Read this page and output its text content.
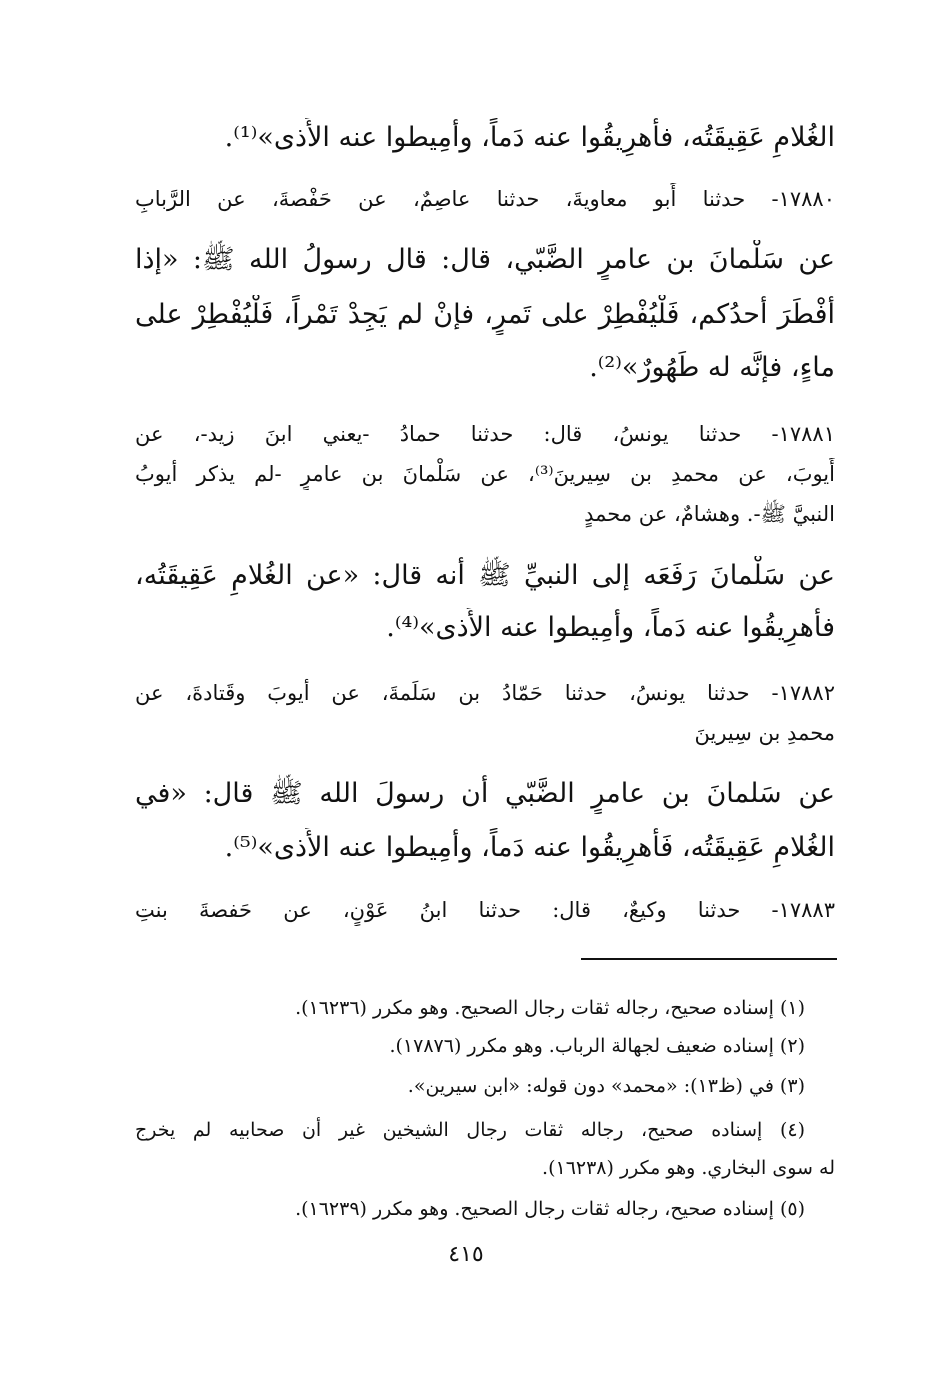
الغُلامِ عَقِيقَتُه، فأَهرِيقُوا عنه دَماً، وأَمِيطوا عنه الأَذى»⁽¹⁾.
١٧٨٨٠- حدثنا أَبو معاويةَ، حدثنا عاصِمٌ، عن حَفْصةَ، عن الرَّبابِ
عن سَلْمانَ بن عامرٍ الضَّبّي، قال: قال رسولُ الله ﷺ: «إذا
أفْطَرَ أَحدُكم، فَلْيُفْطِرْ على تَمرٍ، فإنْ لم يَجِدْ تَمْراً، فَلْيُفْطِرْ على
ماءٍ، فإنَّه له طَهُورٌ»⁽²⁾.
١٧٨٨١- حدثنا يونسُ، قال: حدثنا حمادُ -يعني ابنَ زيد-، عن
أَيوبَ، عن محمدِ بن سِيرينَ⁽³⁾، عن سَلْمانَ بن عامرٍ -لم يذكر أيوبُ
النبيَّ ﷺ-. وهشامٌ، عن محمدٍ
عن سَلْمانَ رَفَعَه إلى النبيِّ ﷺ أنه قال: «عن الغُلامِ عَقِيقَتُه،
فأَهرِيقُوا عنه دَماً، وأَمِيطوا عنه الأَذى»⁽⁴⁾.
١٧٨٨٢- حدثنا يونسُ، حدثنا حَمّادُ بن سَلَمةَ، عن أيوبَ وقَتادةَ، عن
محمدِ بن سِيرينَ
عن سَلمانَ بن عامرٍ الضَّبّي أن رسولَ الله ﷺ قال: «في
الغُلامِ عَقِيقَتُه، فَأَهرِيقُوا عنه دَماً، وأَمِيطوا عنه الأَذى»⁽⁵⁾.
١٧٨٨٣- حدثنا وكيعٌ، قال: حدثنا ابنُ عَوْنٍ، عن حَفصةَ بنتِ
(١) إسناده صحيح، رجاله ثقات رجال الصحيح. وهو مكرر (١٦٢٣٦).
(٢) إسناده ضعيف لجهالة الرباب. وهو مكرر (١٧٨٧٦).
(٣) في (ظ١٣): «محمد» دون قوله: «ابن سيرين».
(٤) إسناده صحيح، رجاله ثقات رجال الشيخين غير أن صحابيه لم يخرج
له سوى البخاري. وهو مكرر (١٦٢٣٨).
(٥) إسناده صحيح، رجاله ثقات رجال الصحيح. وهو مكرر (١٦٢٣٩).
٤١٥
